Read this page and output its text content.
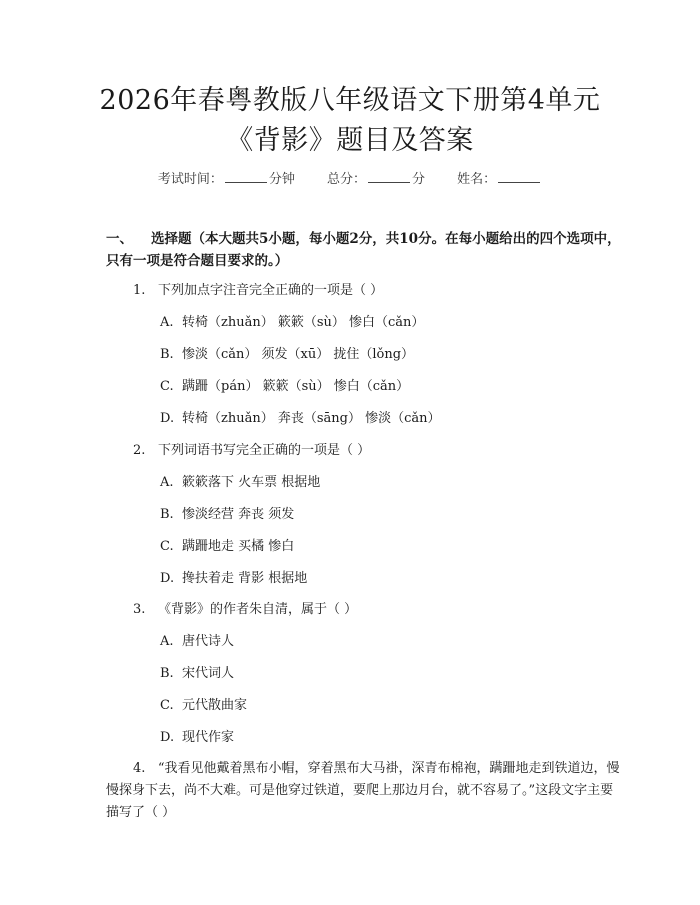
2026年春粤教版八年级语文下册第4单元
《背影》题目及答案
考试时间：	分钟 总分：	分 姓名：
一、 选择题（本大题共5小题，每小题2分，共10分。在每小题给出的四个选项中，只有一项是符合题目要求的。）
1. 下列加点字注音完全正确的一项是（ ）
A. 转椅（zhuǎn） 簌簌（sù） 惨白（cǎn）
B. 惨淡（cǎn） 须发（xū） 拢住（lǒng）
C. 蹒跚（pán） 簌簌（sù） 惨白（cǎn）
D. 转椅（zhuǎn） 奔丧（sāng） 惨淡（cǎn）
2. 下列词语书写完全正确的一项是（ ）
A. 簌簌落下 火车票 根据地
B. 惨淡经营 奔丧 须发
C. 蹒跚地走 买橘 惨白
D. 搀扶着走 背影 根据地
3. 《背影》的作者朱自清，属于（ ）
A. 唐代诗人
B. 宋代词人
C. 元代散曲家
D. 现代作家
4. “我看见他戴着黑布小帽，穿着黑布大马褂，深青布棉袍，蹒跚地走到铁道边，慢慢探身下去，尚不大难。可是他穿过铁道，要爬上那边月台，就不容易了。”这段文字主要描写了（ ）
